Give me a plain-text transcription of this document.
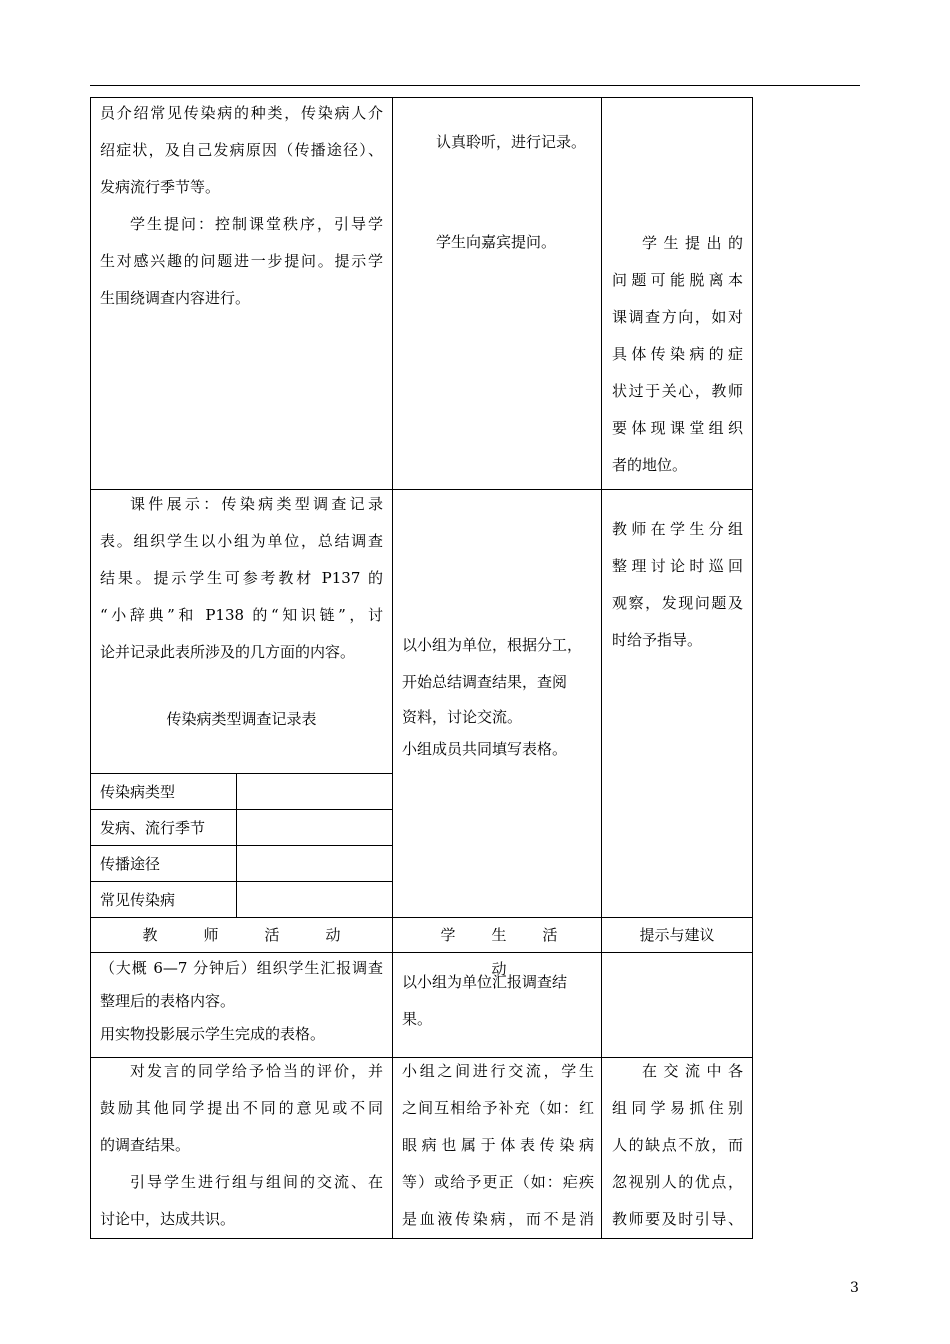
员介绍常见传染病的种类，传染病人介

绍症状，及自己发病原因（传播途径）、

发病流行季节等。

学生提问：控制课堂秩序，引导学

生对感兴趣的问题进一步提问。提示学

生围绕调查内容进行。

认真聆听，进行记录。
学生向嘉宾提问。	学生提出的

问题可能脱离本

课调查方向，如对

具体传染病的症

状过于关心，教师

要体现课堂组织

者的地位。

课件展示：传染病类型调查记录

表。组织学生以小组为单位，总结调查

结果。提示学生可参考教材 P137 的

“小辞典”和 P138 的“知识链”，讨

论并记录此表所涉及的几方面的内容。

传染病类型调查记录表
传染病类型
发病、流行季节
传播途径
常见传染病

以小组为单位，根据分工，

开始总结调查结果，查阅

资料，讨论交流。

小组成员共同填写表格。

教师在学生分组

整理讨论时巡回

观察，发现问题及

时给予指导。

教师活动	学生活动
提示与建议

（大概 6—7 分钟后）组织学生汇报调查

整理后的表格内容。

用实物投影展示学生完成的表格。

以小组为单位汇报调查结

果。

对发言的同学给予恰当的评价，并

鼓励其他同学提出不同的意见或不同

的调查结果。

引导学生进行组与组间的交流、在

讨论中，达成共识。

小组之间进行交流，学生

之间互相给予补充（如：红

眼病也属于体表传染病

等）或给予更正（如：疟疾

是血液传染病，而不是消

在交流中各

组同学易抓住别

人的缺点不放，而

忽视别人的优点，

教师要及时引导、

3
